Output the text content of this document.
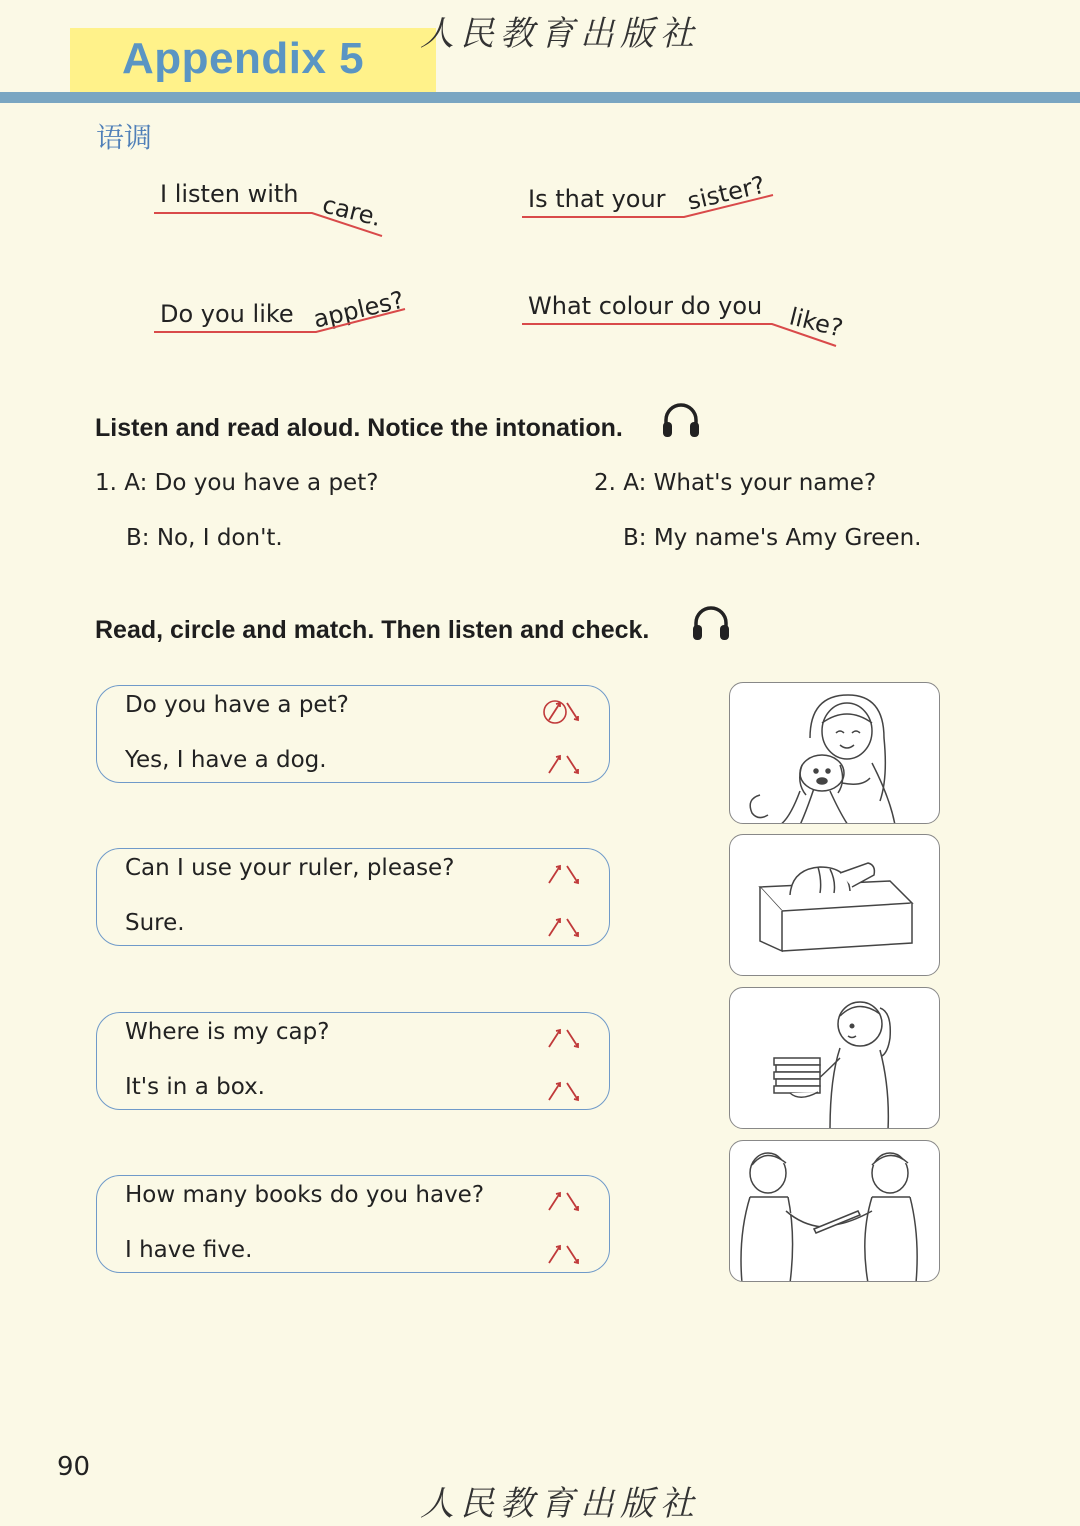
Appendix 5 人民教育出版社
语调
I listen with care.	Is that your sister?
Do you like apples?	What colour do you like?
Listen and read aloud. Notice the intonation.
1. A: Do you have a pet?
B: No, I don't.
2. A: What's your name?
B: My name's Amy Green.
Read, circle and match. Then listen and check.
Do you have a pet?
Yes, I have a dog.
Can I use your ruler, please?
Sure.
Where is my cap?
It's in a box.
How many books do you have?
I have five.
90
人民教育出版社
